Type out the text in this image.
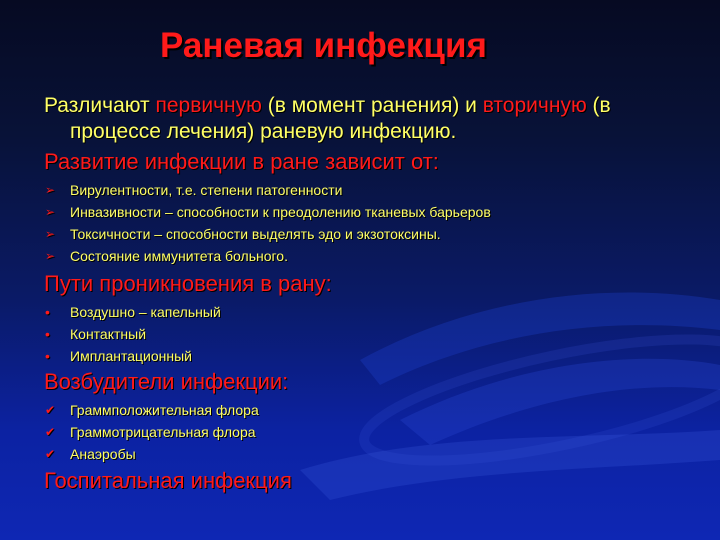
Раневая инфекция
Различают первичную (в момент ранения) и вторичную (в процессе лечения) раневую инфекцию.
Развитие инфекции в ране зависит от:
➢ Вирулентности, т.е. степени патогенности
➢ Инвазивности – способности к преодолению тканевых барьеров
➢ Токсичности – способности выделять эдо и экзотоксины.
➢ Состояние иммунитета больного.
Пути проникновения в рану:
•	Воздушно – капельный
•	Контактный
•	Имплантационный
Возбудители инфекции:
✔ Граммположительная флора
✔ Граммотрицательная флора
✔ Анаэробы
Госпитальная инфекция
